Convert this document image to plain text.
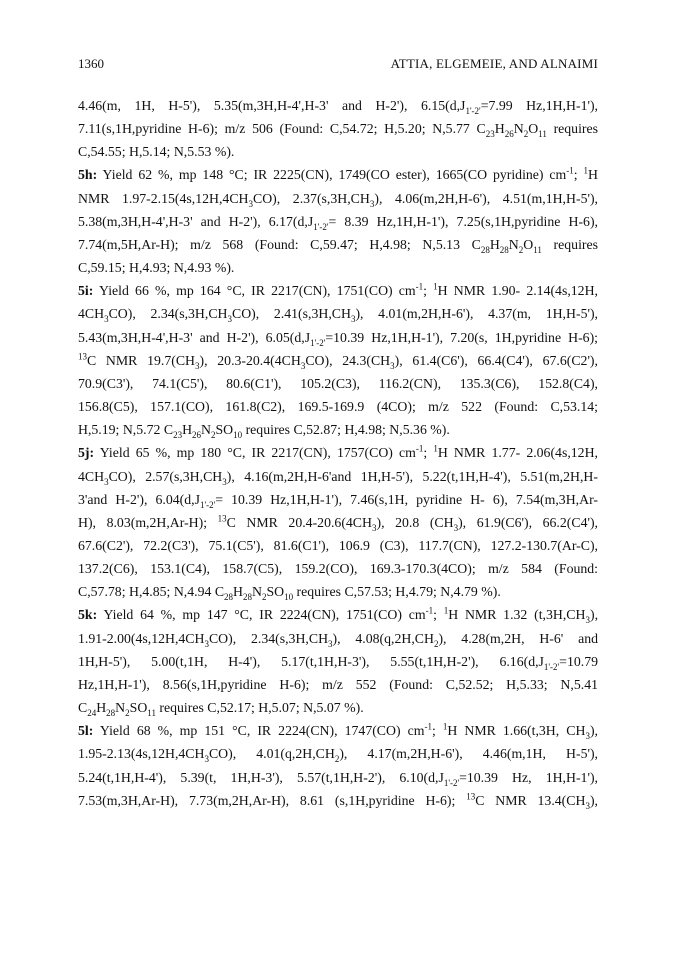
1360	ATTIA, ELGEMEIE, AND ALNAIMI
4.46(m, 1H, H-5'), 5.35(m,3H,H-4',H-3' and H-2'), $6.15(d,J_{1'-2'}=7.99$ Hz,1H,H-1'),
7.11(s,1H,pyridine H-6); m/z 506 (Found: C,54.72; H,5.20; N,5.77 $C_{23}H_{26}N_2O_{11}$ requires
C,54.55; H,5.14; N,5.53 %).
5h: Yield 62 %, mp 148 °C; IR 2225(CN), 1749(CO ester), 1665(CO pyridine) $cm^{-1}$; $^1$H
NMR $1.97-2.15(4s,12H,4CH_3CO)$, $2.37(s,3H,CH_3)$, 4.06(m,2H,H-6'), 4.51(m,1H,H-5'),
5.38(m,3H,H-4',H-3' and H-2'), $6.17(d,J_{1'-2'}= 8.39$ Hz,1H,H-1'), 7.25(s,1H,pyridine H-6),
7.74(m,5H,Ar-H); m/z 568 (Found: C,59.47; H,4.98; N,5.13 $C_{28}H_{28}N_2O_{11}$ requires
C,59.15; H,4.93; N,4.93 %).
5i: Yield 66 %, mp 164 °C, IR 2217(CN), 1751(CO) $cm^{-1}$; $^1$H NMR 1.90- 2.14(4s,12H,
$4CH_3CO$), $2.34(s,3H,CH_3CO)$, $2.41(s,3H,CH_3)$, 4.01(m,2H,H-6'), 4.37(m, 1H,H-5'),
5.43(m,3H,H-4',H-3' and H-2'), $6.05(d,J_{1'-2'}=10.39$ Hz,1H,H-1'), 7.20(s, 1H,pyridine H-6);
$^{13}$C NMR $19.7(CH_3)$, $20.3-20.4(4CH_3CO)$, $24.3(CH_3)$, 61.4(C6'), 66.4(C4'), 67.6(C2'),
70.9(C3'), 74.1(C5'), 80.6(C1'), 105.2(C3), 116.2(CN), 135.3(C6), 152.8(C4),
156.8(C5), 157.1(CO), 161.8(C2), 169.5-169.9 (4CO); m/z 522 (Found: C,53.14;
H,5.19; N,5.72 $C_{23}H_{26}N_2SO_{10}$ requires C,52.87; H,4.98; N,5.36 %).
5j: Yield 65 %, mp 180 °C, IR 2217(CN), 1757(CO) $cm^{-1}$; $^1$H NMR 1.77- 2.06(4s,12H,
$4CH_3CO$), $2.57(s,3H,CH_3)$, 4.16(m,2H,H-6'and 1H,H-5'), 5.22(t,1H,H-4'), 5.51(m,2H,H-
3'and H-2'), $6.04(d,J_{1'-2'}= 10.39$ Hz,1H,H-1'), 7.46(s,1H, pyridine H- 6), 7.54(m,3H,Ar-
H), 8.03(m,2H,Ar-H); $^{13}$C NMR $20.4-20.6(4CH_3)$, 20.8 $(CH_3)$, 61.9(C6'), 66.2(C4'),
67.6(C2'), 72.2(C3'), 75.1(C5'), 81.6(C1'), 106.9 (C3), 117.7(CN), 127.2-130.7(Ar-C),
137.2(C6), 153.1(C4), 158.7(C5), 159.2(CO), 169.3-170.3(4CO); m/z 584 (Found:
C,57.78; H,4.85; N,4.94 $C_{28}H_{28}N_2SO_{10}$ requires C,57.53; H,4.79; N,4.79 %).
5k: Yield 64 %, mp 147 °C, IR 2224(CN), 1751(CO) $cm^{-1}$; $^1$H NMR 1.32 $(t,3H,CH_3)$,
$1.91-2.00(4s,12H,4CH_3CO)$, $2.34(s,3H,CH_3)$, $4.08(q,2H,CH_2)$, 4.28(m,2H, H-6' and
1H,H-5'), 5.00(t,1H, H-4'), 5.17(t,1H,H-3'), 5.55(t,1H,H-2'), $6.16(d,J_{1'-2'}=10.79$
Hz,1H,H-1'), 8.56(s,1H,pyridine H-6); m/z 552 (Found: C,52.52; H,5.33; N,5.41
$C_{24}H_{28}N_2SO_{11}$ requires C,52.17; H,5.07; N,5.07 %).
5l: Yield 68 %, mp 151 °C, IR 2224(CN), 1747(CO) $cm^{-1}$; $^1$H NMR 1.66(t,3H, $CH_3$),
$1.95-2.13(4s,12H,4CH_3CO)$, $4.01(q,2H,CH_2)$, 4.17(m,2H,H-6'), 4.46(m,1H, H-5'),
5.24(t,1H,H-4'), 5.39(t, 1H,H-3'), 5.57(t,1H,H-2'), $6.10(d,J_{1'-2'}=10.39$ Hz, 1H,H-1'),
7.53(m,3H,Ar-H), 7.73(m,2H,Ar-H), 8.61 (s,1H,pyridine H-6); $^{13}$C NMR $13.4(CH_3)$,
